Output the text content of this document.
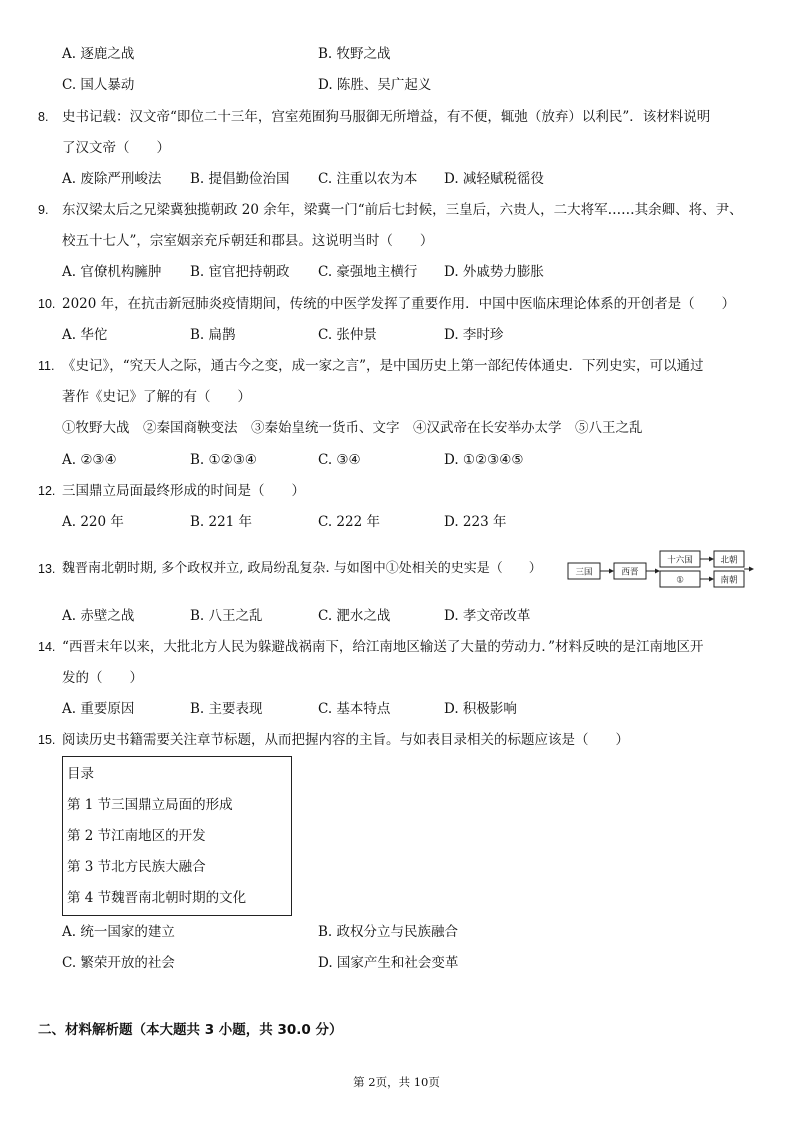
A. 逐鹿之战	B. 牧野之战
C. 国人暴动	D. 陈胜、吴广起义
8. 史书记载：汉文帝“即位二十三年，宫室苑囿狗马服御无所增益，有不便，辄弛（放弃）以利民”．该材料说明
了汉文帝（　　）
A. 废除严刑峻法 B. 提倡勤俭治国 C. 注重以农为本 D. 减轻赋税徭役
9. 东汉梁太后之兄梁冀独揽朝政 20 余年，梁冀一门“前后七封候，三皇后，六贵人，二大将军……其余卿、将、尹、
校五十七人”，宗室姻亲充斥朝廷和郡县。这说明当时（　　）
A. 官僚机构臃肿 B. 宦官把持朝政 C. 豪强地主横行 D. 外戚势力膨胀
10. 2020 年，在抗击新冠肺炎疫情期间，传统的中医学发挥了重要作用．中国中医临床理论体系的开创者是（　　）
A. 华佗	B. 扁鹊	C. 张仲景	D. 李时珍
11. 《史记》，“究天人之际，通古今之变，成一家之言”，是中国历史上第一部纪传体通史．下列史实，可以通过
著作《史记》了解的有（　　）
①牧野大战　②秦国商鞅变法　③秦始皇统一货币、文字　④汉武帝在长安举办太学　⑤八王之乱
A. ②③④	B. ①②③④	C. ③④	D. ①②③④⑤
12. 三国鼎立局面最终形成的时间是（　　）
A. 220 年	B. 221 年	C. 222 年	D. 223 年
13. 魏晋南北朝时期, 多个政权并立, 政局纷乱复杂. 与如图中①处相关的史实是（　　）	三国	西晋
十六国
①
北朝
南朝
A. 赤壁之战	B. 八王之乱	C. 淝水之战	D. 孝文帝改革
14. “西晋末年以来，大批北方人民为躲避战祸南下，给江南地区输送了大量的劳动力．”材料反映的是江南地区开
发的（　　）
A. 重要原因	B. 主要表现	C. 基本特点	D. 积极影响
15. 阅读历史书籍需要关注章节标题，从而把握内容的主旨。与如表目录相关的标题应该是（　　）
目录
第 1 节三国鼎立局面的形成
第 2 节江南地区的开发
第 3 节北方民族大融合
第 4 节魏晋南北朝时期的文化
A. 统一国家的建立	B. 政权分立与民族融合
C. 繁荣开放的社会	D. 国家产生和社会变革
二、材料解析题（本大题共 3 小题，共 30.0 分）
第 2页，共 10页
